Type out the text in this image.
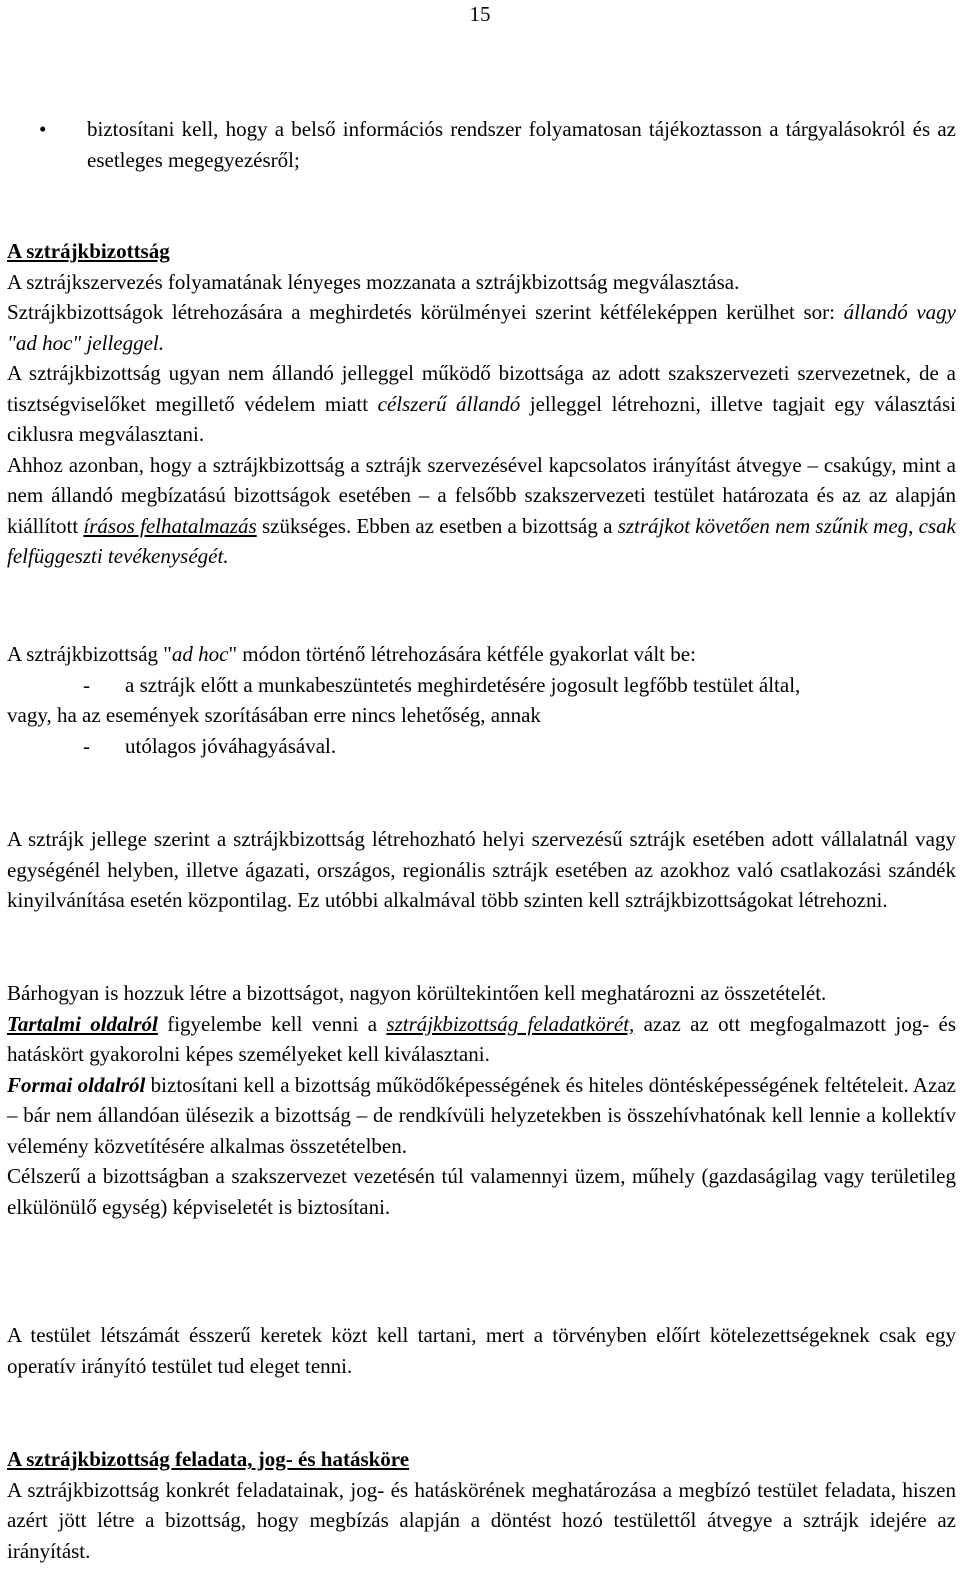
15
•	biztosítani kell, hogy a belső információs rendszer folyamatosan tájékoztasson a tárgyalásokról és az esetleges megegyezésről;

A sztrájkbizottság

A sztrájkszervezés folyamatának lényeges mozzanata a sztrájkbizottság megválasztása.

Sztrájkbizottságok létrehozására a meghirdetés körülményei szerint kétféleképpen kerülhet sor: állandó vagy "ad hoc" jelleggel.

A sztrájkbizottság ugyan nem állandó jelleggel működő bizottsága az adott szakszervezeti szervezetnek, de a tisztségviselőket megillető védelem miatt célszerű állandó jelleggel létrehozni, illetve tagjait egy választási ciklusra megválasztani.

Ahhoz azonban, hogy a sztrájkbizottság a sztrájk szervezésével kapcsolatos irányítást átvegye – csakúgy, mint a nem állandó megbízatású bizottságok esetében – a felsőbb szakszervezeti testület határozata és az az alapján kiállított írásos felhatalmazás szükséges. Ebben az esetben a bizottság a sztrájkot követően nem szűnik meg, csak felfüggeszti tevékenységét.

A sztrájkbizottság "ad hoc" módon történő létrehozására kétféle gyakorlat vált be:

- a sztrájk előtt a munkabeszüntetés meghirdetésére jogosult legfőbb testület által,

vagy, ha az események szorításában erre nincs lehetőség, annak

- utólagos jóváhagyásával.

A sztrájk jellege szerint a sztrájkbizottság létrehozható helyi szervezésű sztrájk esetében adott vállalatnál vagy egységénél helyben, illetve ágazati, országos, regionális sztrájk esetében az azokhoz való csatlakozási szándék kinyilvánítása esetén központilag. Ez utóbbi alkalmával több szinten kell sztrájkbizottságokat létrehozni.

Bárhogyan is hozzuk létre a bizottságot, nagyon körültekintően kell meghatározni az összetételét.

Tartalmi oldalról figyelembe kell venni a sztrájkbizottság feladatkörét, azaz az ott megfogalmazott jog- és hatáskört gyakorolni képes személyeket kell kiválasztani.

Formai oldalról biztosítani kell a bizottság működőképességének és hiteles döntésképességének feltételeit. Azaz – bár nem állandóan ülésezik a bizottság – de rendkívüli helyzetekben is összehívhatónak kell lennie a kollektív vélemény közvetítésére alkalmas összetételben.

Célszerű a bizottságban a szakszervezet vezetésén túl valamennyi üzem, műhely (gazdaságilag vagy területileg elkülönülő egység) képviseletét is biztosítani.

A testület létszámát ésszerű keretek közt kell tartani, mert a törvényben előírt kötelezettségeknek csak egy operatív irányító testület tud eleget tenni.

A sztrájkbizottság feladata, jog- és hatásköre

A sztrájkbizottság konkrét feladatainak, jog- és hatáskörének meghatározása a megbízó testület feladata, hiszen azért jött létre a bizottság, hogy megbízás alapján a döntést hozó testülettől átvegye a sztrájk idejére az irányítást.
